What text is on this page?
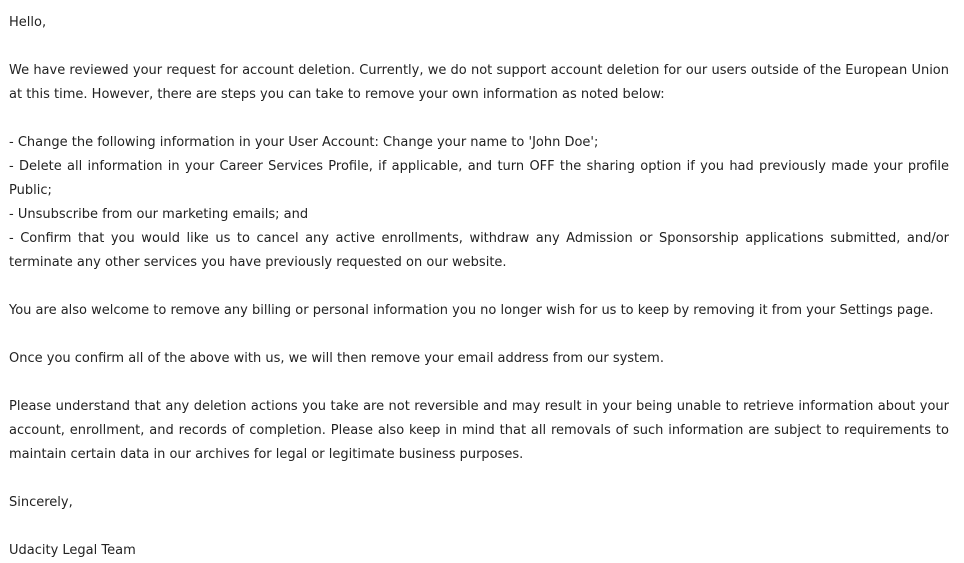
Hello,

We have reviewed your request for account deletion. Currently, we do not support account deletion for our users outside of the European Union at this time. However, there are steps you can take to remove your own information as noted below:

- Change the following information in your User Account: Change your name to 'John Doe';
- Delete all information in your Career Services Profile, if applicable, and turn OFF the sharing option if you had previously made your profile Public;
- Unsubscribe from our marketing emails; and
- Confirm that you would like us to cancel any active enrollments, withdraw any Admission or Sponsorship applications submitted, and/or terminate any other services you have previously requested on our website.

You are also welcome to remove any billing or personal information you no longer wish for us to keep by removing it from your Settings page.

Once you confirm all of the above with us, we will then remove your email address from our system.

Please understand that any deletion actions you take are not reversible and may result in your being unable to retrieve information about your account, enrollment, and records of completion. Please also keep in mind that all removals of such information are subject to requirements to maintain certain data in our archives for legal or legitimate business purposes.

Sincerely,

Udacity Legal Team
